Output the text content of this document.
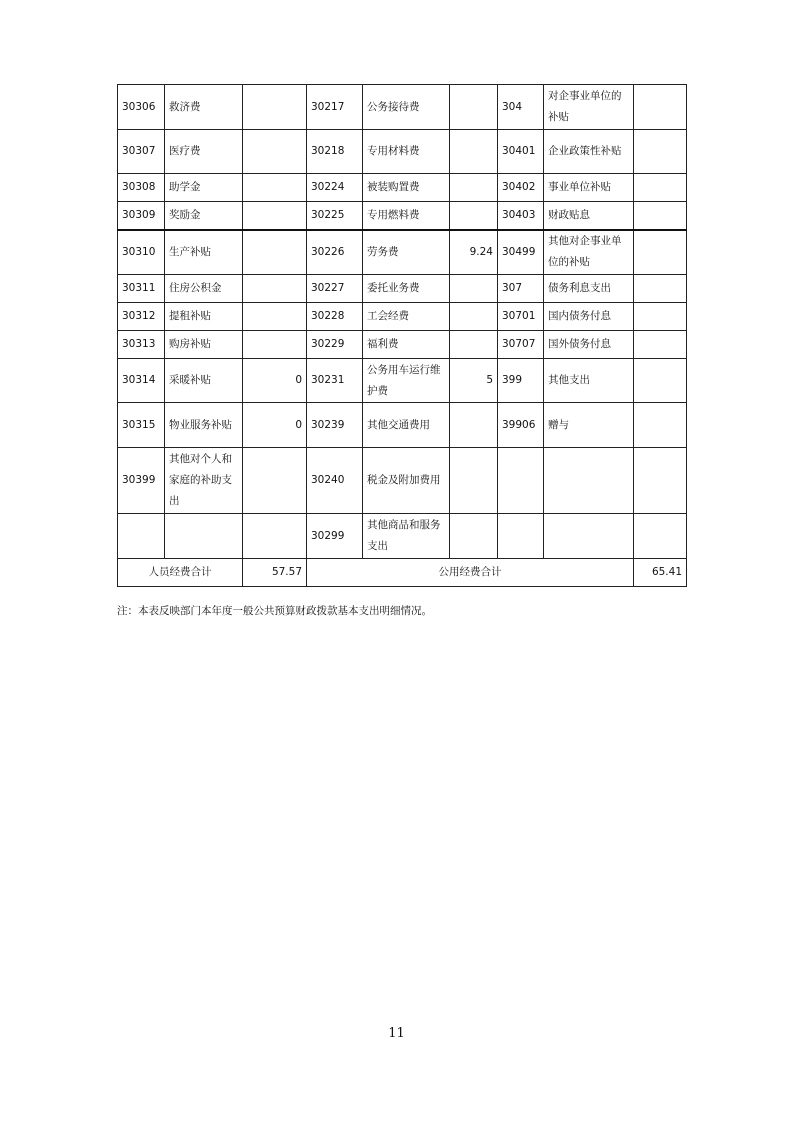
30306	救济费		30217	公务接待费		304	对企事业单位的补贴	
30307	医疗费		30218	专用材料费		30401	企业政策性补贴	
30308	助学金		30224	被装购置费		30402	事业单位补贴	
30309	奖励金		30225	专用燃料费		30403	财政贴息	
30310	生产补贴		30226	劳务费	9.24	30499	其他对企事业单位的补贴	
30311	住房公积金		30227	委托业务费		307	债务利息支出	
30312	提租补贴		30228	工会经费		30701	国内债务付息	
30313	购房补贴		30229	福利费		30707	国外债务付息	
30314	采暖补贴	0	30231	公务用车运行维护费	5	399	其他支出	
30315	物业服务补贴	0	30239	其他交通费用		39906	赠与	
30399	其他对个人和家庭的补助支出		30240	税金及附加费用				
			30299	其他商品和服务支出				
人员经费合计		57.57	公用经费合计					65.41
注：本表反映部门本年度一般公共预算财政拨款基本支出明细情况。
11
